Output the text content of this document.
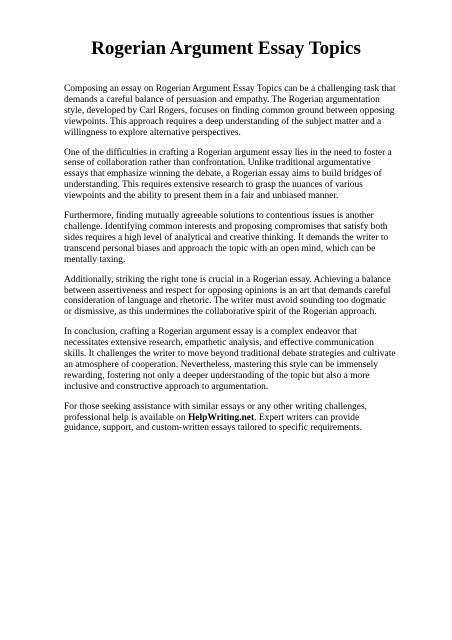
Rogerian Argument Essay Topics

Composing an essay on Rogerian Argument Essay Topics can be a challenging task that demands a careful balance of persuasion and empathy. The Rogerian argumentation style, developed by Carl Rogers, focuses on finding common ground between opposing viewpoints. This approach requires a deep understanding of the subject matter and a willingness to explore alternative perspectives.

One of the difficulties in crafting a Rogerian argument essay lies in the need to foster a sense of collaboration rather than confrontation. Unlike traditional argumentative essays that emphasize winning the debate, a Rogerian essay aims to build bridges of understanding. This requires extensive research to grasp the nuances of various viewpoints and the ability to present them in a fair and unbiased manner.

Furthermore, finding mutually agreeable solutions to contentious issues is another challenge. Identifying common interests and proposing compromises that satisfy both sides requires a high level of analytical and creative thinking. It demands the writer to transcend personal biases and approach the topic with an open mind, which can be mentally taxing.

Additionally, striking the right tone is crucial in a Rogerian essay. Achieving a balance between assertiveness and respect for opposing opinions is an art that demands careful consideration of language and rhetoric. The writer must avoid sounding too dogmatic or dismissive, as this undermines the collaborative spirit of the Rogerian approach.

In conclusion, crafting a Rogerian argument essay is a complex endeavor that necessitates extensive research, empathetic analysis, and effective communication skills. It challenges the writer to move beyond traditional debate strategies and cultivate an atmosphere of cooperation. Nevertheless, mastering this style can be immensely rewarding, fostering not only a deeper understanding of the topic but also a more inclusive and constructive approach to argumentation.

For those seeking assistance with similar essays or any other writing challenges, professional help is available on HelpWriting.net. Expert writers can provide guidance, support, and custom-written essays tailored to specific requirements.
